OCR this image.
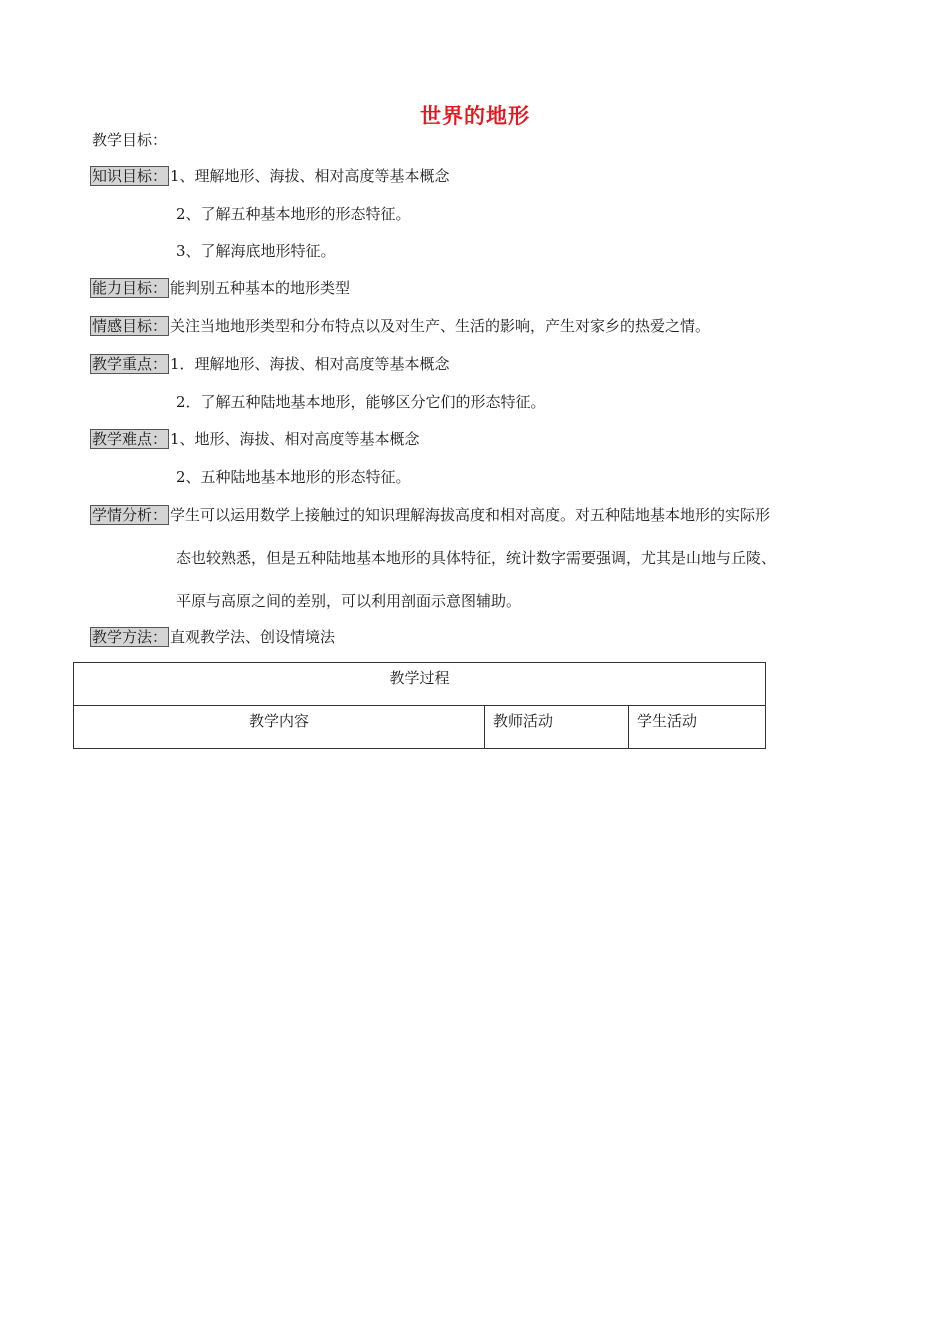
世界的地形
教学目标：
知识目标： 1、理解地形、海拔、相对高度等基本概念
2、了解五种基本地形的形态特征。
3、了解海底地形特征。
能力目标： 能判别五种基本的地形类型
情感目标： 关注当地地形类型和分布特点以及对生产、生活的影响，产生对家乡的热爱之情。
教学重点： 1．理解地形、海拔、相对高度等基本概念
2．了解五种陆地基本地形，能够区分它们的形态特征。
教学难点： 1、地形、海拔、相对高度等基本概念
2、五种陆地基本地形的形态特征。
学情分析： 学生可以运用数学上接触过的知识理解海拔高度和相对高度。对五种陆地基本地形的实际形
态也较熟悉，但是五种陆地基本地形的具体特征，统计数字需要强调，尤其是山地与丘陵、
平原与高原之间的差别，可以利用剖面示意图辅助。
教学方法： 直观教学法、创设情境法
教学过程
教学内容	教师活动	学生活动
